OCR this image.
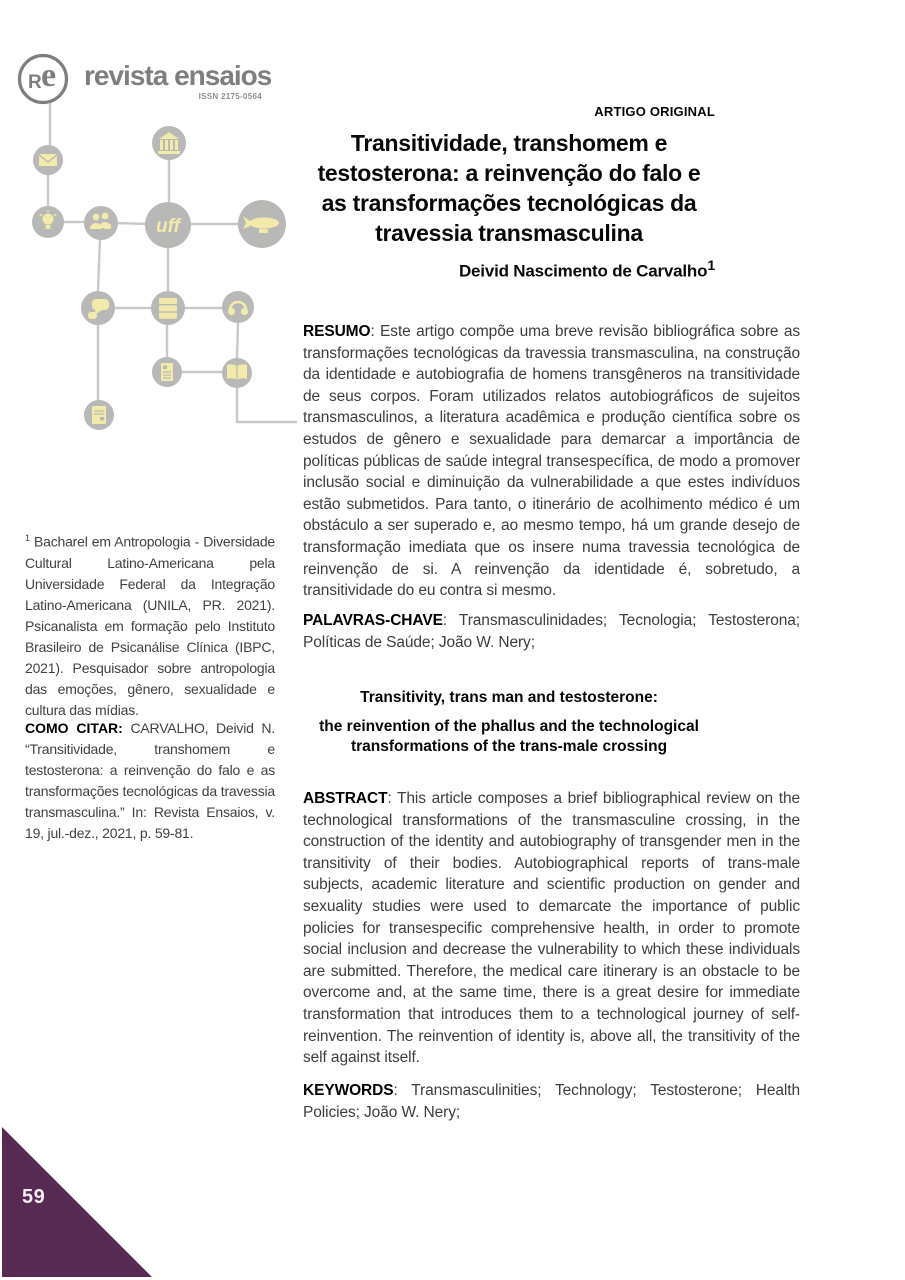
R e revista ensaios
ISSN 2175-0564
uff
ARTIGO ORIGINAL
Transitividade, transhomem e testosterona: a reinvenção do falo e as transformações tecnológicas da travessia transmasculina
Deivid Nascimento de Carvalho$^1$

RESUMO: Este artigo compõe uma breve revisão bibliográfica sobre as transformações tecnológicas da travessia transmasculina, na construção da identidade e autobiografia de homens transgêneros na transitividade de seus corpos. Foram utilizados relatos autobiográficos de sujeitos transmasculinos, a literatura acadêmica e produção científica sobre os estudos de gênero e sexualidade para demarcar a importância de políticas públicas de saúde integral transespecífica, de modo a promover inclusão social e diminuição da vulnerabilidade a que estes indivíduos estão submetidos. Para tanto, o itinerário de acolhimento médico é um obstáculo a ser superado e, ao mesmo tempo, há um grande desejo de transformação imediata que os insere numa travessia tecnológica de reinvenção de si. A reinvenção da identidade é, sobretudo, a transitividade do eu contra si mesmo.

PALAVRAS-CHAVE: Transmasculinidades; Tecnologia; Testosterona; Políticas de Saúde; João W. Nery;

Transitivity, trans man and testosterone:

the reinvention of the phallus and the technological transformations of the trans-male crossing

ABSTRACT: This article composes a brief bibliographical review on the technological transformations of the transmasculine crossing, in the construction of the identity and autobiography of transgender men in the transitivity of their bodies. Autobiographical reports of trans-male subjects, academic literature and scientific production on gender and sexuality studies were used to demarcate the importance of public policies for transespecific comprehensive health, in order to promote social inclusion and decrease the vulnerability to which these individuals are submitted. Therefore, the medical care itinerary is an obstacle to be overcome and, at the same time, there is a great desire for immediate transformation that introduces them to a technological journey of self-reinvention. The reinvention of identity is, above all, the transitivity of the self against itself.

KEYWORDS: Transmasculinities; Technology; Testosterone; Health Policies; João W. Nery;

$^1$ Bacharel em Antropologia - Diversidade Cultural Latino-Americana pela Universidade Federal da Integração Latino-Americana (UNILA, PR. 2021). Psicanalista em formação pelo Instituto Brasileiro de Psicanálise Clínica (IBPC, 2021). Pesquisador sobre antropologia das emoções, gênero, sexualidade e cultura das mídias.

COMO CITAR: CARVALHO, Deivid N. “Transitividade, transhomem e testosterona: a reinvenção do falo e as transformações tecnológicas da travessia transmasculina.” In: Revista Ensaios, v. 19, jul.-dez., 2021, p. 59-81.

59
